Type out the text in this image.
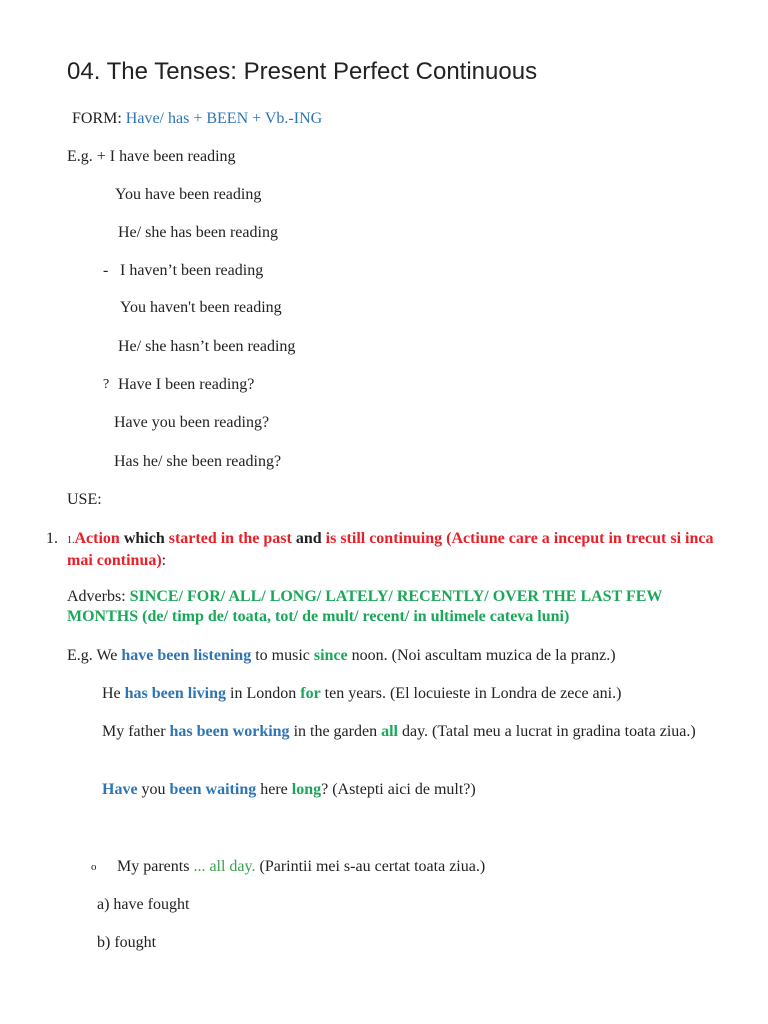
04. The Tenses: Present Perfect Continuous
FORM: Have/ has + BEEN + Vb.-ING
E.g. + I have been reading
You have been reading
He/ she has been reading
- I haven’t been reading
You haven't been reading
He/ she hasn’t been reading
? Have I been reading?
Have you been reading?
Has he/ she been reading?
USE:
1. 1.Action which started in the past and is still continuing (Actiune care a inceput in trecut si inca mai continua):
Adverbs: SINCE/ FOR/ ALL/ LONG/ LATELY/ RECENTLY/ OVER THE LAST FEW MONTHS (de/ timp de/ toata, tot/ de mult/ recent/ in ultimele cateva luni)
E.g. We have been listening to music since noon. (Noi ascultam muzica de la pranz.)
He has been living in London for ten years. (El locuieste in Londra de zece ani.)
My father has been working in the garden all day. (Tatal meu a lucrat in gradina toata ziua.)
Have you been waiting here long? (Astepti aici de mult?)
o My parents ... all day. (Parintii mei s-au certat toata ziua.)
a) have fought
b) fought
